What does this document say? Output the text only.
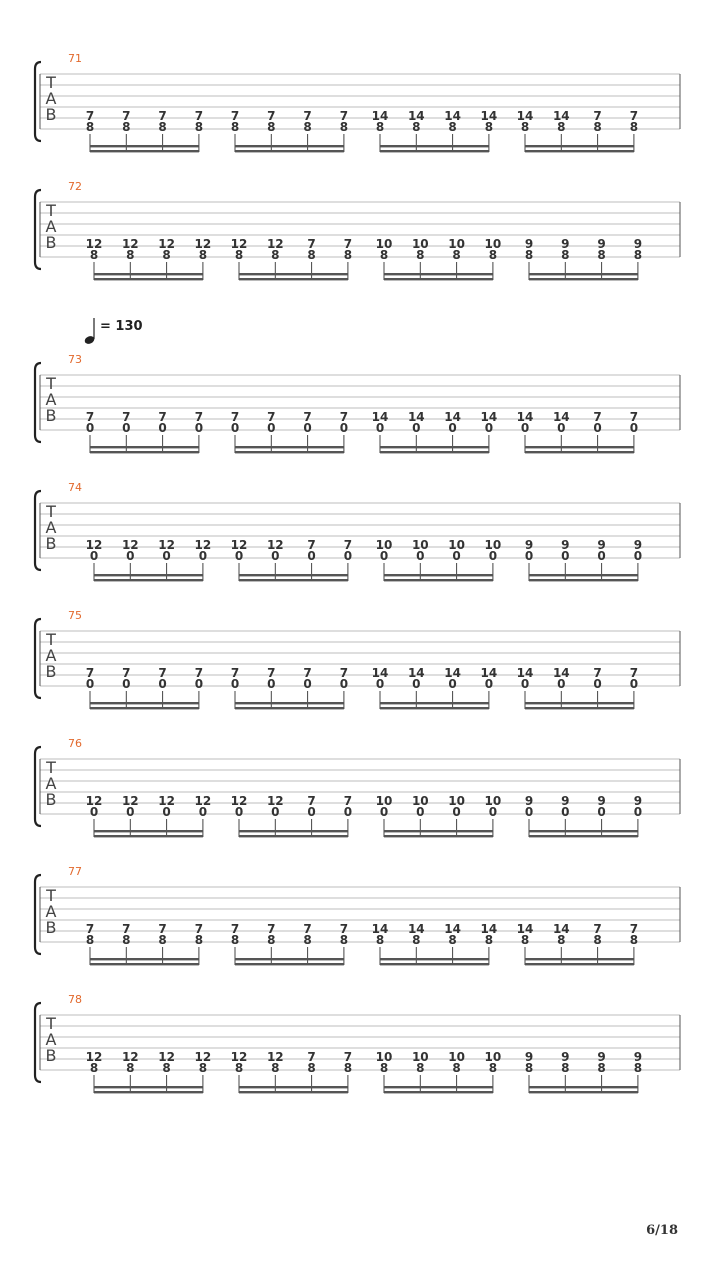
71
T
A
B 7
8
7
8
7
8
7
8
7
8
7
8
7
8
7
8
14
8
14
8
14
8
14
8
14
8
14
8
7
8
7
8
72
T
A
B 12
8
12
8
12
8
12
8
12
8
12
8
7
8
7
8
10
8
10
8
10
8
10
8
9
8
9
8
9
8
9
8
73
T
A
B 7
0
7
0
7
0
7
0
7
0
7
0
7
0
7
0
14
0
14
0
14
0
14
0
14
0
14
0
7
0
7
0
74
T
A
B 12
0
12
0
12
0
12
0
12
0
12
0
7
0
7
0
10
0
10
0
10
0
10
0
9
0
9
0
9
0
9
0
75
T
A
B 7
0
7
0
7
0
7
0
7
0
7
0
7
0
7
0
14
0
14
0
14
0
14
0
14
0
14
0
7
0
7
0
76
T
A
B 12
0
12
0
12
0
12
0
12
0
12
0
7
0
7
0
10
0
10
0
10
0
10
0
9
0
9
0
9
0
9
0
77
T
A
B 7
8
7
8
7
8
7
8
7
8
7
8
7
8
7
8
14
8
14
8
14
8
14
8
14
8
14
8
7
8
7
8
78
T
A
B 12
8
12
8
12
8
12
8
12
8
12
8
7
8
7
8
10
8
10
8
10
8
10
8
9
8
9
8
9
8
9
8
= 130
6/18
